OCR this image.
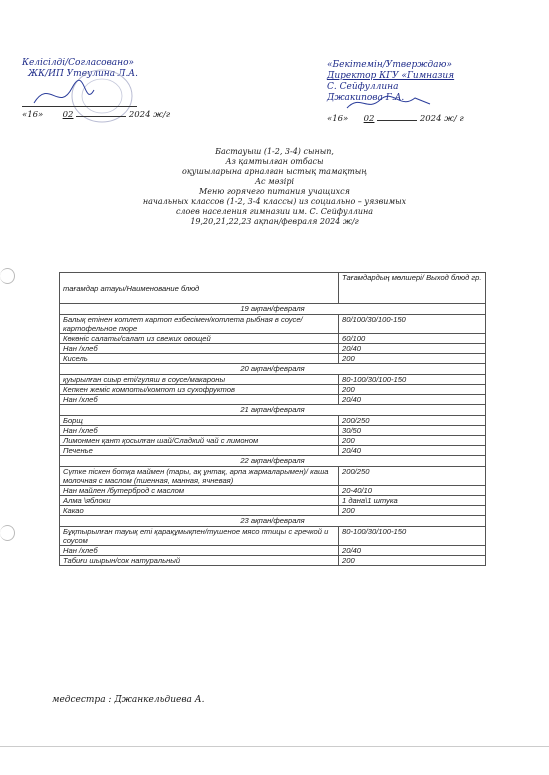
Келісілді/Согласовано»
ЖК/ИП Утеулина Л.А.
«16» 02	2024 ж/г
«Бекітемін/Утверждаю»
Директор КГУ «Гимназия
С. Сейфуллина
Джакипова Г.А.
«16» 02	2024 ж/ г
Бастауыш (1-2, 3-4) сынып,
Аз қамтылған отбасы
оқушыларына арналған ыстық тамақтың
Ас мәзірі
Меню горячего питания учащихся
начальных классов (1-2, 3-4 классы) из социально – уязвимых
слоев населения гимназии им. С. Сейфуллина
19,20,21,22,23 ақпан/февраля 2024 ж/г
тағамдар атауы/Наименование блюд	Тағамдардың мөлшері/ Выход блюд гр.
19 ақпан/февраля	
Балық етінен котлет картоп езбесімен/котлета рыбная в соусе/картофельное пюре	80/100/30/100-150
Көкөніс салаты/салат из свежих овощей	60/100
Нан /хлеб	20/40
Кисель	200
20 ақпан/февраля	
қуырылған сиыр еті/гуляш в соусе/макароны	80-100/30/100-150
Кепкен жеміс компоты/компот из сухофруктов	200
Нан /хлеб	20/40
21 ақпан/февраля	
Борщ	200/250
Нан /хлеб	30/50
Лимонмен қант қосылған шай/Сладкий чай с лимоном	200
Печенье	20/40
22 ақпан/февраля	
Сүтке піскен ботқа маймен (тары, ақ ұнтақ, арпа жармаларымен)/ каша молочная с маслом (пшенная, манная, ячневая)	200/250
Нан майлен /бутерброд с маслом	20-40/10
Алма \яблоки	1 дана\1 штука
Какао	200
23 ақпан/февраля	
Бұқтырылған тауық еті қарақұмықпен/тушеное мясо птицы с гречкой и соусом	80-100/30/100-150
Нан /хлеб	20/40
Табиғи шырын/сок натуральный	200
медсестра : Джанкельдиева А.
